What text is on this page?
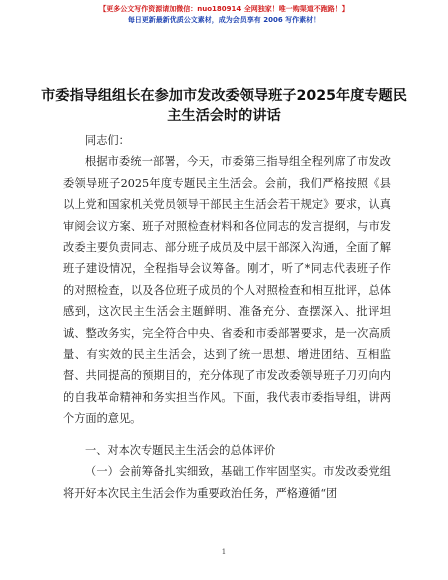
【更多公文写作资源请加微信：nuo180914 全网独家！唯一购渠道不跑路！】
每日更新最新优质公文素材，成为会员享有 2006 写作素材！
市委指导组组长在参加市发改委领导班子2025年度专题民主生活会时的讲话

同志们：

根据市委统一部署，今天，市委第三指导组全程列席了市发改委领导班子2025年度专题民主生活会。会前，我们严格按照《县以上党和国家机关党员领导干部民主生活会若干规定》要求，认真审阅会议方案、班子对照检查材料和各位同志的发言提纲，与市发改委主要负责同志、部分班子成员及中层干部深入沟通，全面了解班子建设情况，全程指导会议筹备。刚才，听了*同志代表班子作的对照检查，以及各位班子成员的个人对照检查和相互批评，总体感到，这次民主生活会主题鲜明、准备充分、查摆深入、批评坦诚、整改务实，完全符合中央、省委和市委部署要求，是一次高质量、有实效的民主生活会，达到了统一思想、增进团结、互相监督、共同提高的预期目的，充分体现了市发改委领导班子刀刃向内的自我革命精神和务实担当作风。下面，我代表市委指导组，讲两个方面的意见。

一、对本次专题民主生活会的总体评价

（一）会前筹备扎实细致，基础工作牢固坚实。市发改委党组将开好本次民主生活会作为重要政治任务，严格遵循“团

1
